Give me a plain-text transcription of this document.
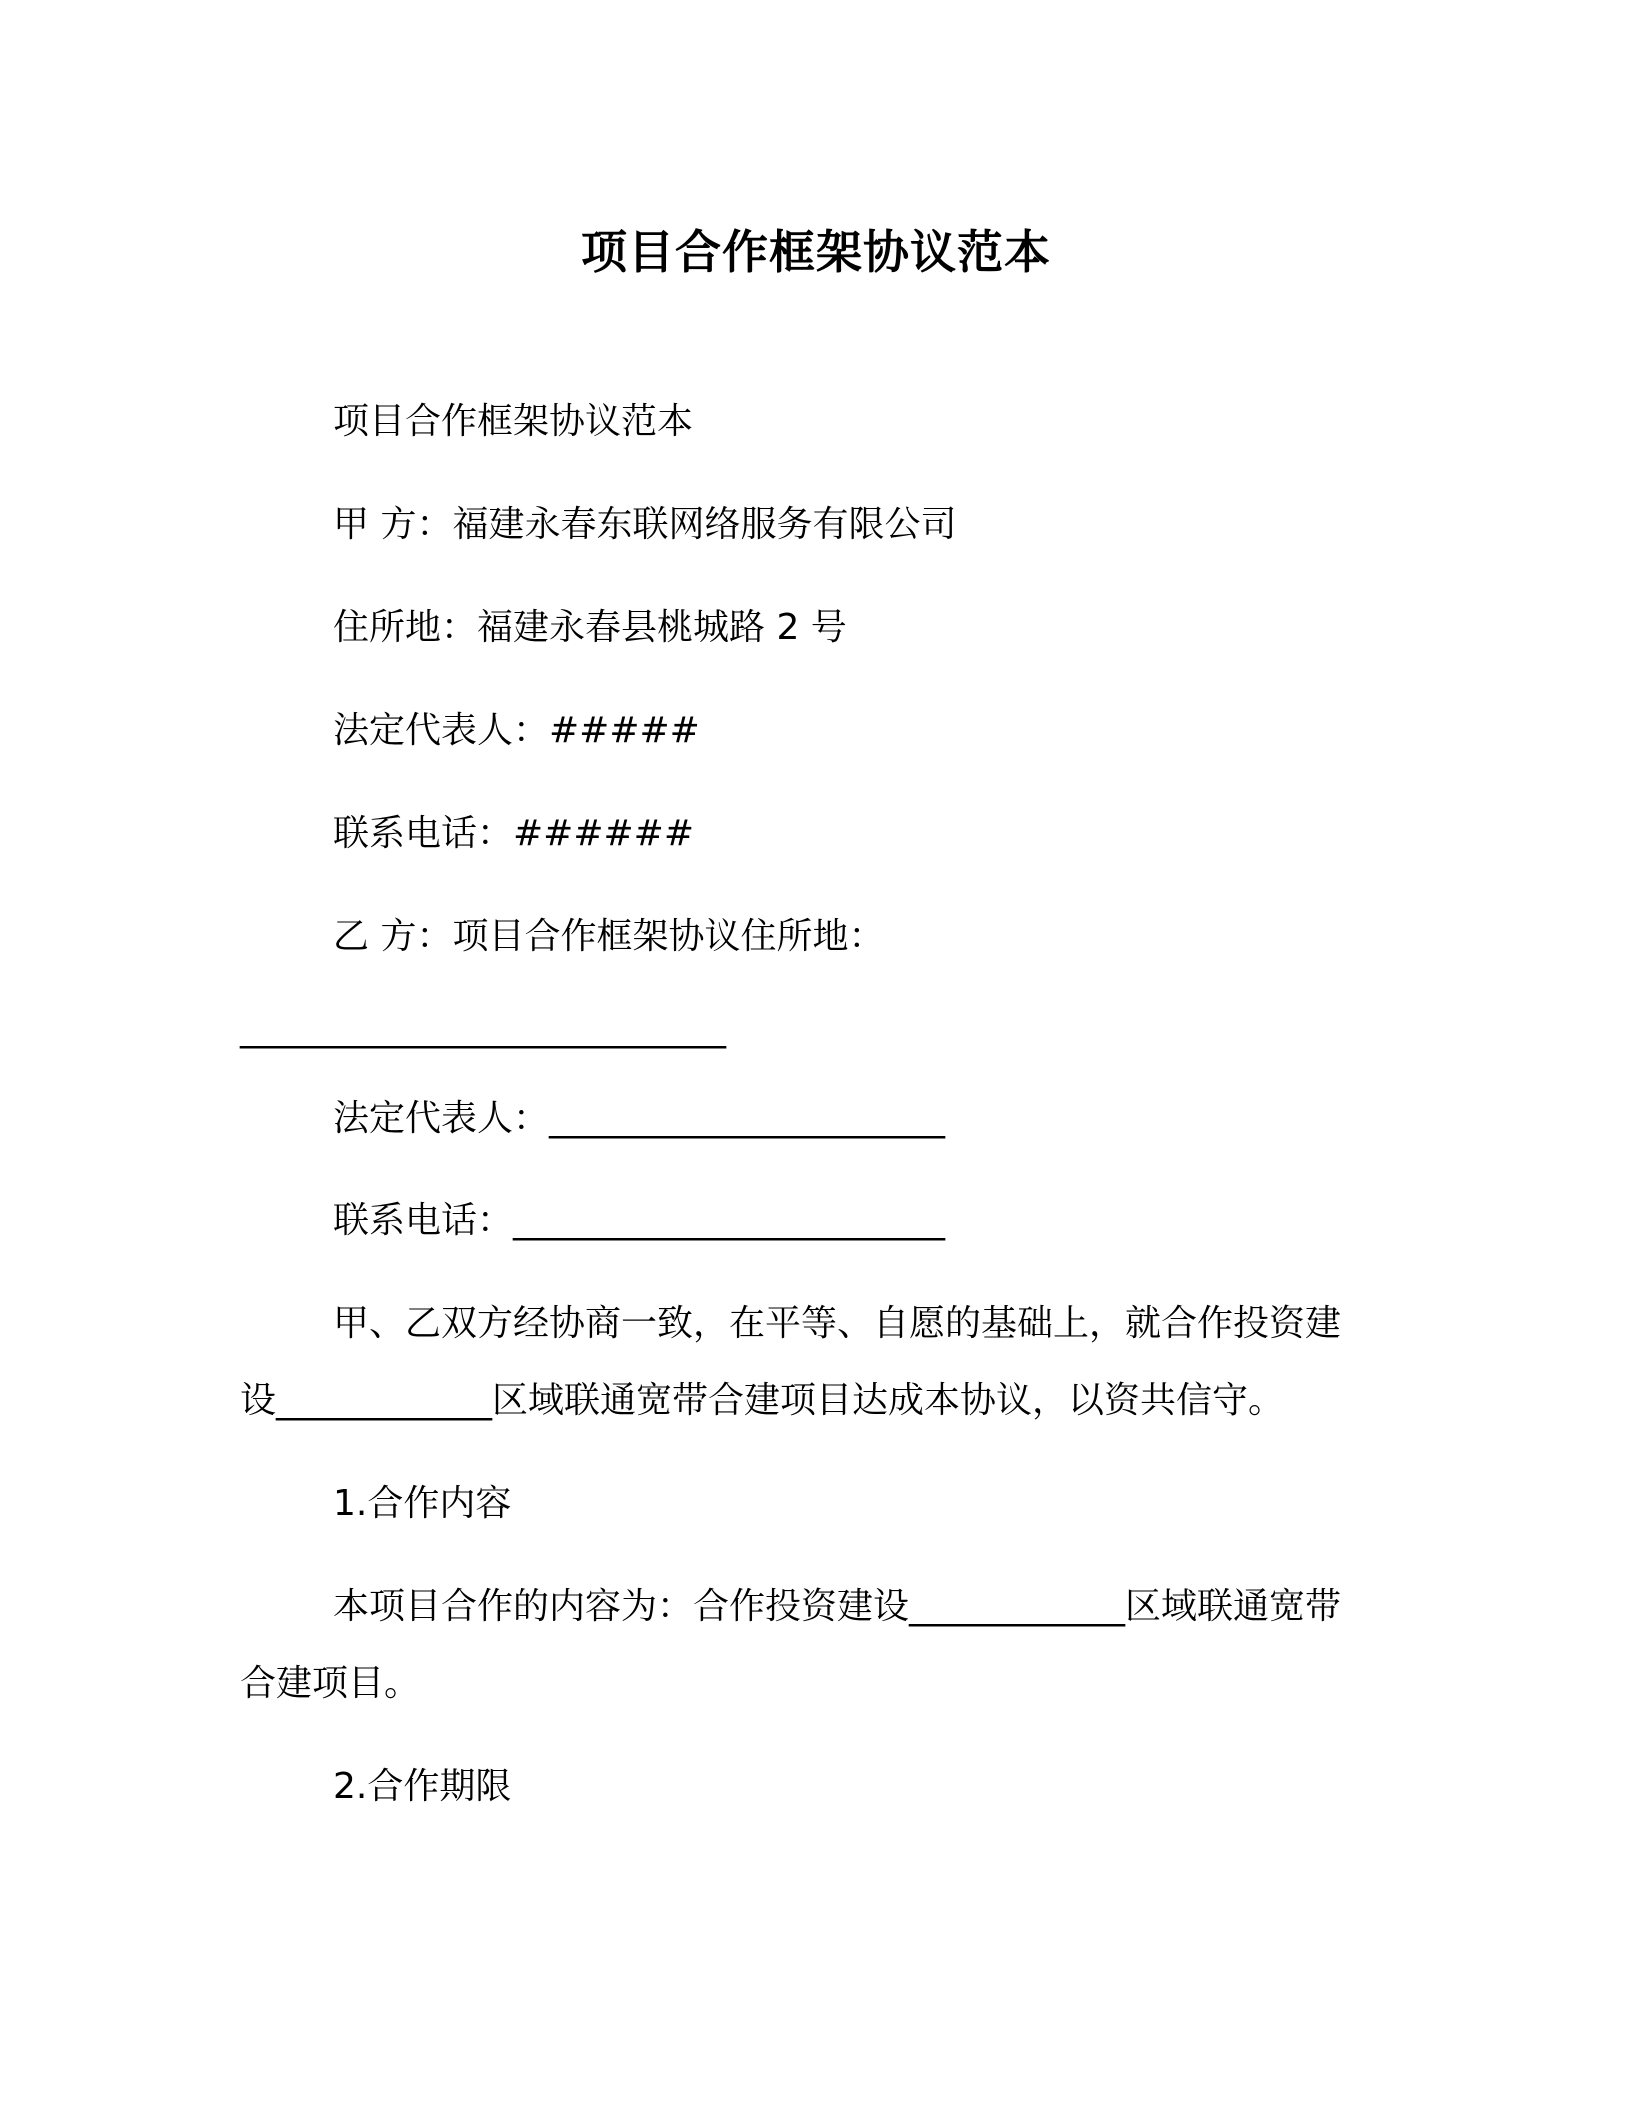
项目合作框架协议范本
项目合作框架协议范本
甲 方：福建永春东联网络服务有限公司
住所地：福建永春县桃城路 2 号
法定代表人：#####
联系电话：######
乙 方：项目合作框架协议住所地：
___________________________
法定代表人：______________________
联系电话：________________________
甲、乙双方经协商一致，在平等、自愿的基础上，就合作投资建
设____________区域联通宽带合建项目达成本协议，以资共信守。
1.合作内容
本项目合作的内容为：合作投资建设____________区域联通宽带
合建项目。
2.合作期限
